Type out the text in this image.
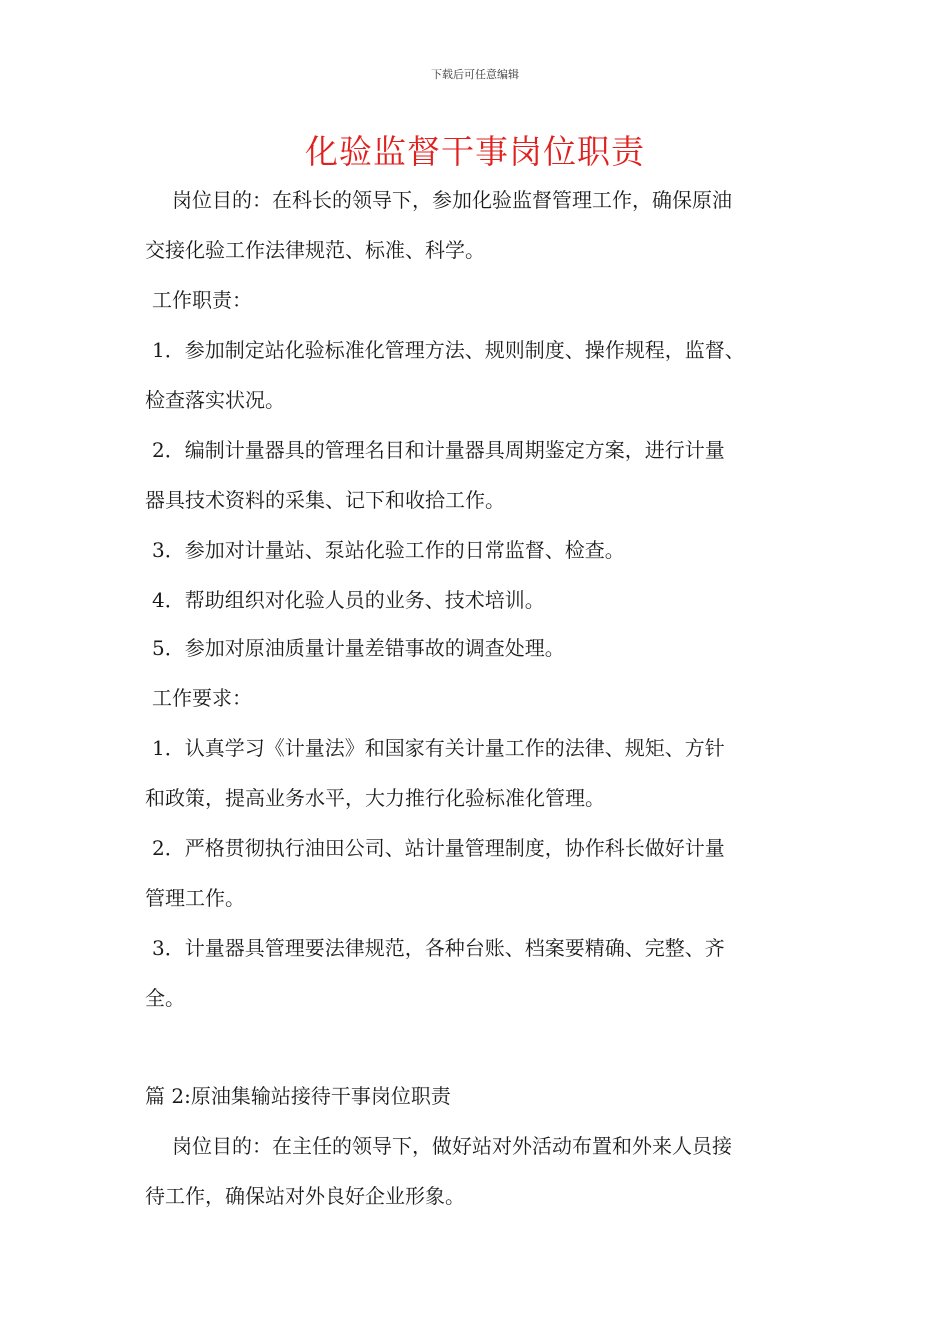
下载后可任意编辑
化验监督干事岗位职责
岗位目的：在科长的领导下，参加化验监督管理工作，确保原油
交接化验工作法律规范、标准、科学。
工作职责：
1．参加制定站化验标准化管理方法、规则制度、操作规程，监督、
检查落实状况。
2．编制计量器具的管理名目和计量器具周期鉴定方案，进行计量
器具技术资料的采集、记下和收拾工作。
3．参加对计量站、泵站化验工作的日常监督、检查。
4．帮助组织对化验人员的业务、技术培训。
5．参加对原油质量计量差错事故的调查处理。
工作要求：
1．认真学习《计量法》和国家有关计量工作的法律、规矩、方针
和政策，提高业务水平，大力推行化验标准化管理。
2．严格贯彻执行油田公司、站计量管理制度，协作科长做好计量
管理工作。
3．计量器具管理要法律规范，各种台账、档案要精确、完整、齐
全。
篇 2:原油集输站接待干事岗位职责
岗位目的：在主任的领导下，做好站对外活动布置和外来人员接
待工作，确保站对外良好企业形象。
